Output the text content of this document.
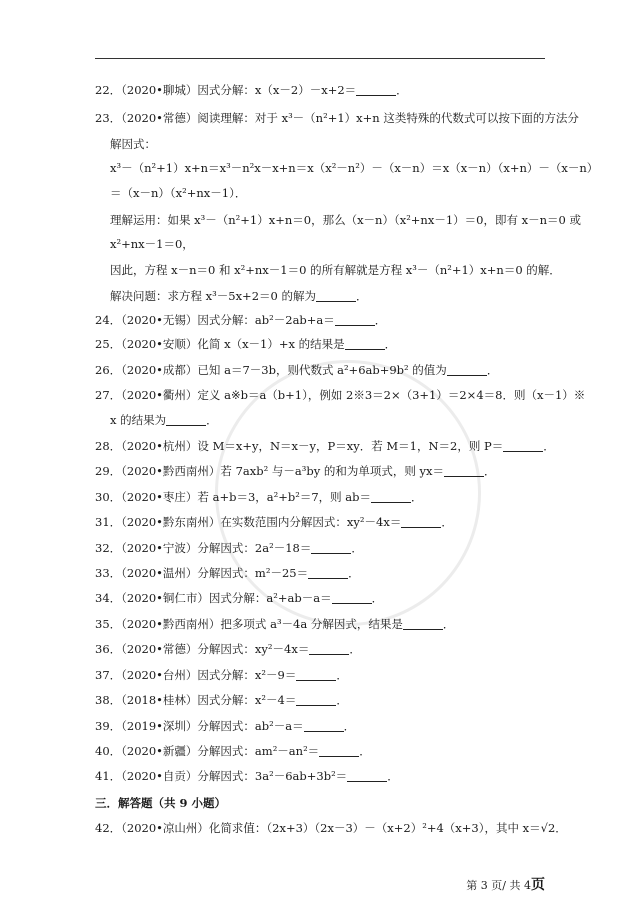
22．（2020•聊城）因式分解：x（x－2）－x+2＝	．
23．（2020•常德）阅读理解：对于 x³－（n²+1）x+n 这类特殊的代数式可以按下面的方法分
解因式：
x³－（n²+1）x+n＝x³－n²x－x+n＝x（x²－n²）－（x－n）＝x（x－n）（x+n）－（x－n）
＝（x－n）（x²+nx－1）．
理解运用：如果 x³－（n²+1）x+n＝0，那么（x－n）（x²+nx－1）＝0，即有 x－n＝0 或
x²+nx－1＝0，
因此，方程 x－n＝0 和 x²+nx－1＝0 的所有解就是方程 x³－（n²+1）x+n＝0 的解．
解决问题：求方程 x³－5x+2＝0 的解为	．
24．（2020•无锡）因式分解：ab²－2ab+a＝	．
25．（2020•安顺）化简 x（x－1）+x 的结果是	．
26．（2020•成都）已知 a＝7－3b，则代数式 a²+6ab+9b² 的值为	．
27．（2020•衢州）定义 a※b＝a（b+1），例如 2※3＝2×（3+1）＝2×4＝8．则（x－1）※
x 的结果为	．
28．（2020•杭州）设 M＝x+y，N＝x－y，P＝xy．若 M＝1，N＝2，则 P＝	．
29．（2020•黔西南州）若 7axb² 与－a³by 的和为单项式，则 yx＝	．
30．（2020•枣庄）若 a+b＝3，a²+b²＝7，则 ab＝	．
31．（2020•黔东南州）在实数范围内分解因式：xy²－4x＝	．
32．（2020•宁波）分解因式：2a²－18＝	．
33．（2020•温州）分解因式：m²－25＝	．
34．（2020•铜仁市）因式分解：a²+ab－a＝	．
35．（2020•黔西南州）把多项式 a³－4a 分解因式，结果是	．
36．（2020•常德）分解因式：xy²－4x＝	．
37．（2020•台州）因式分解：x²－9＝	．
38．（2018•桂林）因式分解：x²－4＝	．
39．（2019•深圳）分解因式：ab²－a＝	．
40．（2020•新疆）分解因式：am²－an²＝	．
41．（2020•自贡）分解因式：3a²－6ab+3b²＝	．
三．解答题（共 9 小题）
42．（2020•凉山州）化简求值：（2x+3）（2x－3）－（x+2）²+4（x+3），其中 x＝√2．
第 3 页/ 共 4页
